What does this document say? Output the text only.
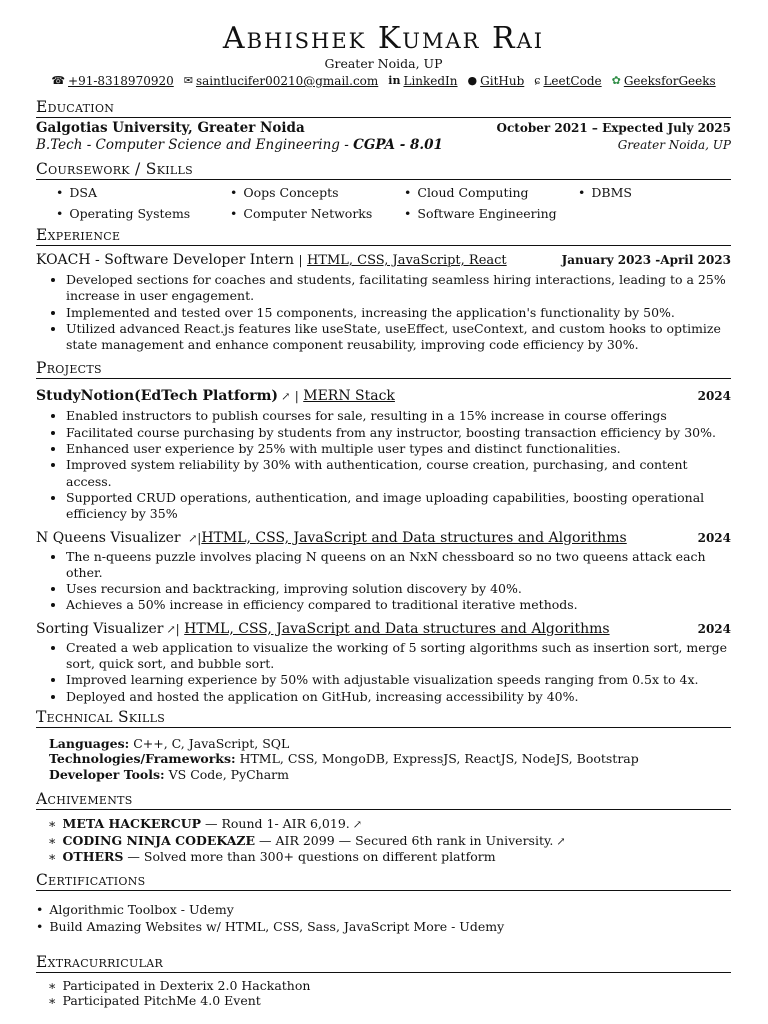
Abhishek Kumar Rai
Greater Noida, UP
☎ +91-8318970920 ✉ saintlucifer00210@gmail.com in LinkedIn ● GitHub ɕ LeetCode ✿ GeeksforGeeks
Education
Galgotias University, Greater Noida	October 2021 – Expected July 2025
B.Tech - Computer Science and Engineering - CGPA - 8.01	Greater Noida, UP
Coursework / Skills
• DSA	• Oops Concepts	• Cloud Computing	• DBMS
• Operating Systems	• Computer Networks	• Software Engineering
Experience
KOACH - Software Developer Intern | HTML, CSS, JavaScript, React	January 2023 -April 2023
• Developed sections for coaches and students, facilitating seamless hiring interactions, leading to a 25% increase in user engagement.
• Implemented and tested over 15 components, increasing the application's functionality by 50%.
• Utilized advanced React.js features like useState, useEffect, useContext, and custom hooks to optimize state management and enhance component reusability, improving code efficiency by 30%.
Projects
StudyNotion(EdTech Platform) ↗ | MERN Stack	2024
• Enabled instructors to publish courses for sale, resulting in a 15% increase in course offerings
• Facilitated course purchasing by students from any instructor, boosting transaction efficiency by 30%.
• Enhanced user experience by 25% with multiple user types and distinct functionalities.
• Improved system reliability by 30% with authentication, course creation, purchasing, and content access.
• Supported CRUD operations, authentication, and image uploading capabilities, boosting operational efficiency by 35%
N Queens Visualizer ↗|HTML, CSS, JavaScript and Data structures and Algorithms	2024
• The n-queens puzzle involves placing N queens on an NxN chessboard so no two queens attack each other.
• Uses recursion and backtracking, improving solution discovery by 40%.
• Achieves a 50% increase in efficiency compared to traditional iterative methods.
Sorting Visualizer ↗| HTML, CSS, JavaScript and Data structures and Algorithms	2024
• Created a web application to visualize the working of 5 sorting algorithms such as insertion sort, merge sort, quick sort, and bubble sort.
• Improved learning experience by 50% with adjustable visualization speeds ranging from 0.5x to 4x.
• Deployed and hosted the application on GitHub, increasing accessibility by 40%.
Technical Skills
Languages: C++, C, JavaScript, SQL
Technologies/Frameworks: HTML, CSS, MongoDB, ExpressJS, ReactJS, NodeJS, Bootstrap
Developer Tools: VS Code, PyCharm
Achivements
∗ META HACKERCUP — Round 1- AIR 6,019. ↗
∗ CODING NINJA CODEKAZE — AIR 2099 — Secured 6th rank in University. ↗
∗ OTHERS — Solved more than 300+ questions on different platform
Certifications
• Algorithmic Toolbox - Udemy
• Build Amazing Websites w/ HTML, CSS, Sass, JavaScript More - Udemy
Extracurricular
∗ Participated in Dexterix 2.0 Hackathon
∗ Participated PitchMe 4.0 Event
